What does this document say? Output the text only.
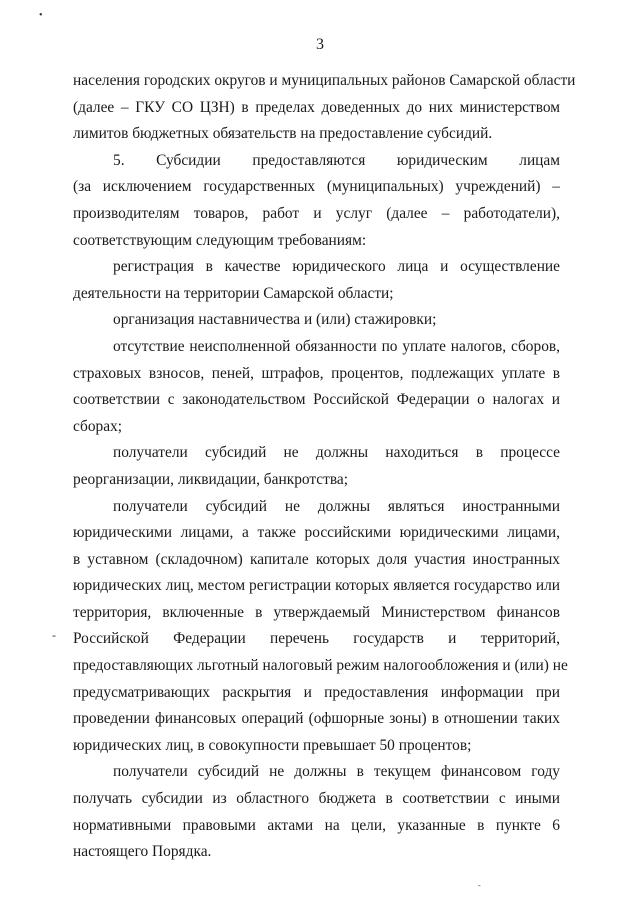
•
-
-
3
населения городских округов и муниципальных районов Самарской области
(далее – ГКУ СО ЦЗН) в пределах доведенных до них министерством
лимитов бюджетных обязательств на предоставление субсидий.
5. Субсидии предоставляются юридическим лицам
(за исключением государственных (муниципальных) учреждений) –
производителям товаров, работ и услуг (далее – работодатели),
соответствующим следующим требованиям:
регистрация в качестве юридического лица и осуществление
деятельности на территории Самарской области;
организация наставничества и (или) стажировки;
отсутствие неисполненной обязанности по уплате налогов, сборов,
страховых взносов, пеней, штрафов, процентов, подлежащих уплате в
соответствии с законодательством Российской Федерации о налогах и
сборах;
получатели субсидий не должны находиться в процессе
реорганизации, ликвидации, банкротства;
получатели субсидий не должны являться иностранными
юридическими лицами, а также российскими юридическими лицами,
в уставном (складочном) капитале которых доля участия иностранных
юридических лиц, местом регистрации которых является государство или
территория, включенные в утверждаемый Министерством финансов
Российской Федерации перечень государств и территорий,
предоставляющих льготный налоговый режим налогообложения и (или) не
предусматривающих раскрытия и предоставления информации при
проведении финансовых операций (офшорные зоны) в отношении таких
юридических лиц, в совокупности превышает 50 процентов;
получатели субсидий не должны в текущем финансовом году
получать субсидии из областного бюджета в соответствии с иными
нормативными правовыми актами на цели, указанные в пункте 6
настоящего Порядка.
